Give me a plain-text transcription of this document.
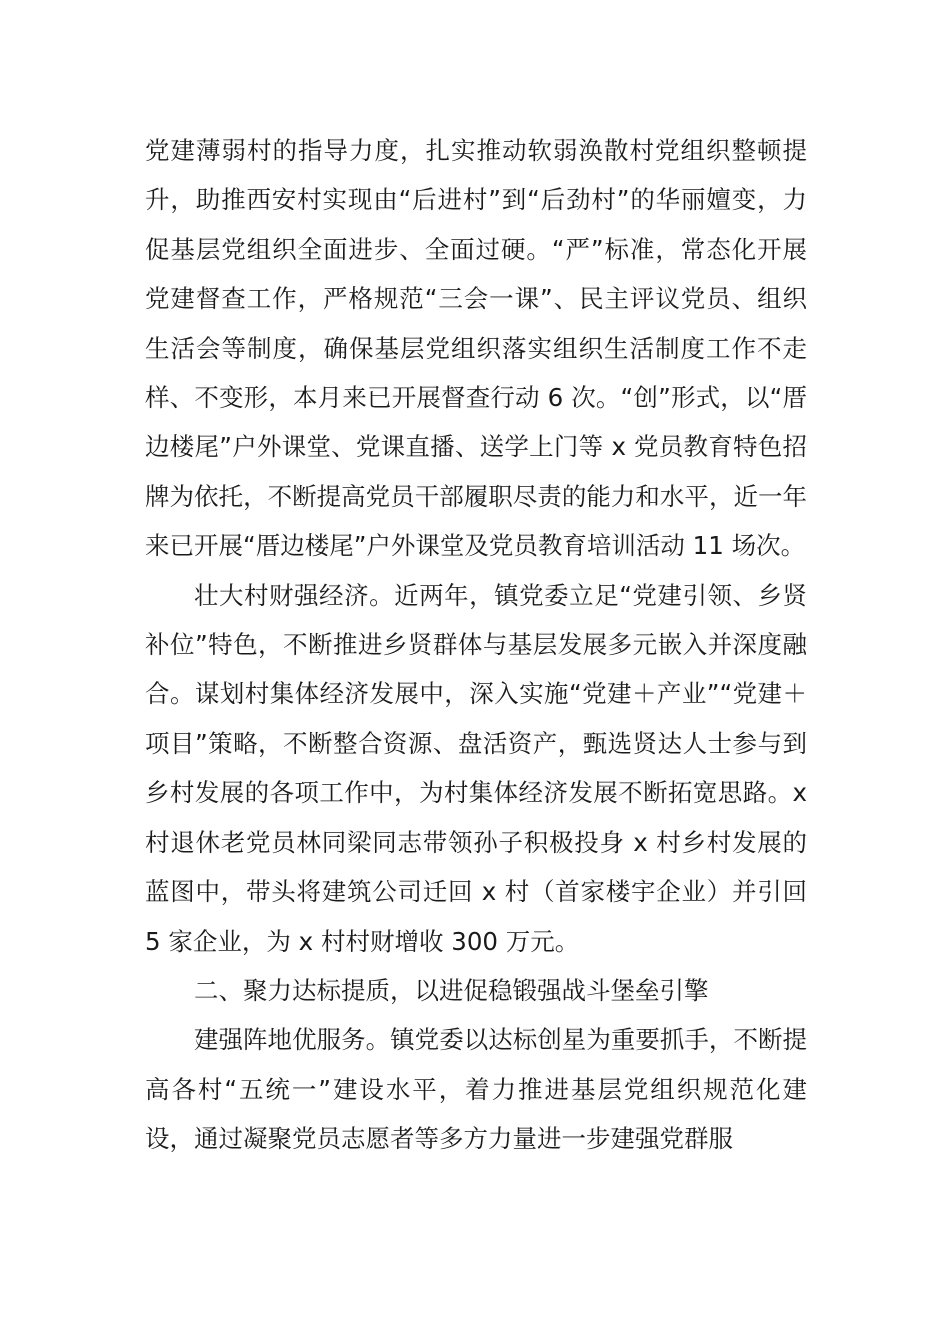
党建薄弱村的指导力度，扎实推动软弱涣散村党组织整顿提升，助推西安村实现由“后进村”到“后劲村”的华丽嬗变，力促基层党组织全面进步、全面过硬。“严”标准，常态化开展党建督查工作，严格规范“三会一课”、民主评议党员、组织生活会等制度，确保基层党组织落实组织生活制度工作不走样、不变形，本月来已开展督查行动 6 次。“创”形式，以“厝边楼尾”户外课堂、党课直播、送学上门等 x 党员教育特色招牌为依托，不断提高党员干部履职尽责的能力和水平，近一年来已开展“厝边楼尾”户外课堂及党员教育培训活动 11 场次。

壮大村财强经济。近两年，镇党委立足“党建引领、乡贤补位”特色，不断推进乡贤群体与基层发展多元嵌入并深度融合。谋划村集体经济发展中，深入实施“党建＋产业”“党建＋项目”策略，不断整合资源、盘活资产，甄选贤达人士参与到乡村发展的各项工作中，为村集体经济发展不断拓宽思路。x 村退休老党员林同梁同志带领孙子积极投身 x 村乡村发展的蓝图中，带头将建筑公司迁回 x 村（首家楼宇企业）并引回 5 家企业，为 x 村村财增收 300 万元。

二、聚力达标提质，以进促稳锻强战斗堡垒引擎

建强阵地优服务。镇党委以达标创星为重要抓手，不断提高各村“五统一”建设水平，着力推进基层党组织规范化建设，通过凝聚党员志愿者等多方力量进一步建强党群服
